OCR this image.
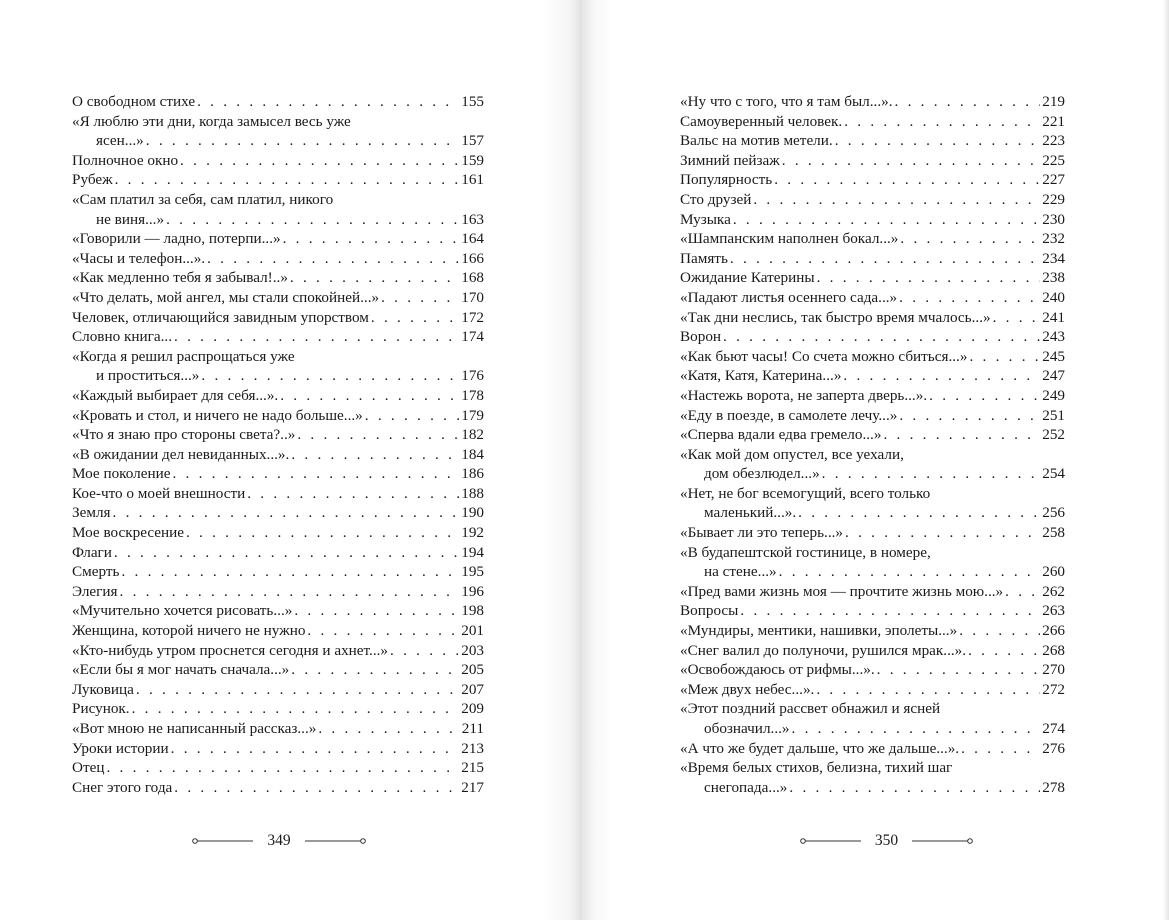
О свободном стихе . . .	155
«Я люблю эти дни, когда замысел весь уже
ясен...» . . .	157
Полночное окно . . .	159
Рубеж . . .	161
«Сам платил за себя, сам платил, никого
не виня...» . . .	163
«Говорили — ладно, потерпи...» . . .	164
«Часы и телефон...». . . .	166
«Как медленно тебя я забывал!..» . . .	168
«Что делать, мой ангел, мы стали спокойней...» . . .	170
Человек, отличающийся завидным упорством . . .	172
Словно книга... . . .	174
«Когда я решил распрощаться уже
и проститься...» . . .	176
«Каждый выбирает для себя...». . . .	178
«Кровать и стол, и ничего не надо больше...» . . .	179
«Что я знаю про стороны света?..» . . .	182
«В ожидании дел невиданных...». . . .	184
Мое поколение . . .	186
Кое-что о моей внешности . . .	188
Земля . . .	190
Мое воскресение . . .	192
Флаги . . .	194
Смерть . . .	195
Элегия . . .	196
«Мучительно хочется рисовать...» . . .	198
Женщина, которой ничего не нужно . . .	201
«Кто-нибудь утром проснется сегодня и ахнет...» . . .	203
«Если бы я мог начать сначала...» . . .	205
Луковица . . .	207
Рисунок. . . .	209
«Вот мною не написанный рассказ...» . . .	211
Уроки истории . . .	213
Отец . . .	215
Снег этого года . . .	217
349
«Ну что с того, что я там был...». . . .	219
Самоуверенный человек. . . .	221
Вальс на мотив метели. . . .	223
Зимний пейзаж . . .	225
Популярность . . .	227
Сто друзей . . .	229
Музыка . . .	230
«Шампанским наполнен бокал...» . . .	232
Память . . .	234
Ожидание Катерины . . .	238
«Падают листья осеннего сада...» . . .	240
«Так дни неслись, так быстро время мчалось...» . . .	241
Ворон . . .	243
«Как бьют часы! Со счета можно сбиться...» . . .	245
«Катя, Катя, Катерина...» . . .	247
«Настежь ворота, не заперта дверь...». . . .	249
«Еду в поезде, в самолете лечу...» . . .	251
«Сперва вдали едва гремело...» . . .	252
«Как мой дом опустел, все уехали,
дом обезлюдел...» . . .	254
«Нет, не бог всемогущий, всего только
маленький...». . . .	256
«Бывает ли это теперь...» . . .	258
«В будапештской гостинице, в номере,
на стене...» . . .	260
«Пред вами жизнь моя — прочтите жизнь мою...» . . .	262
Вопросы . . .	263
«Мундиры, ментики, нашивки, эполеты...» . . .	266
«Снег валил до полуночи, рушился мрак...». . . .	268
«Освобождаюсь от рифмы...». . . .	270
«Меж двух небес...». . . .	272
«Этот поздний рассвет обнажил и ясней
обозначил...» . . .	274
«А что же будет дальше, что же дальше...». . . .	276
«Время белых стихов, белизна, тихий шаг
снегопада...» . . .	278
350
